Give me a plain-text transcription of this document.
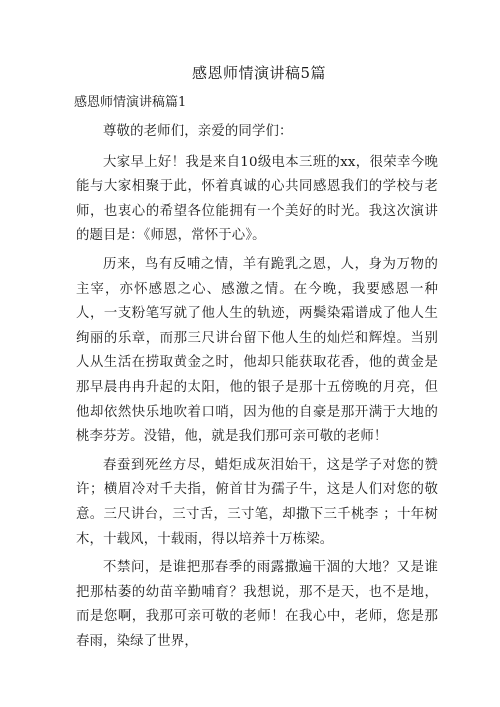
感恩师情演讲稿5篇
感恩师情演讲稿篇1

尊敬的老师们，亲爱的同学们：

大家早上好！我是来自10级电本三班的xx，很荣幸今晚能与大家相聚于此，怀着真诚的心共同感恩我们的学校与老师，也衷心的希望各位能拥有一个美好的时光。我这次演讲的题目是：《师恩，常怀于心》。

历来，鸟有反哺之情，羊有跪乳之恩，人，身为万物的主宰，亦怀感恩之心、感激之情。在今晚，我要感恩一种人，一支粉笔写就了他人生的轨迹，两鬓染霜谱成了他人生绚丽的乐章，而那三尺讲台留下他人生的灿烂和辉煌。当别人从生活在捞取黄金之时，他却只能获取花香，他的黄金是那早晨冉冉升起的太阳，他的银子是那十五傍晚的月亮，但他却依然快乐地吹着口哨，因为他的自豪是那开满于大地的桃李芬芳。没错，他，就是我们那可亲可敬的老师！

春蚕到死丝方尽，蜡炬成灰泪始干，这是学子对您的赞许；横眉冷对千夫指，俯首甘为孺子牛，这是人们对您的敬意。三尺讲台，三寸舌，三寸笔，却撒下三千桃李 ；十年树木，十载风，十载雨，得以培养十万栋梁。

不禁问，是谁把那春季的雨露撒遍干涸的大地？又是谁把那枯萎的幼苗辛勤哺育？我想说，那不是天，也不是地，而是您啊，我那可亲可敬的老师！在我心中，老师，您是那春雨，染绿了世界，
